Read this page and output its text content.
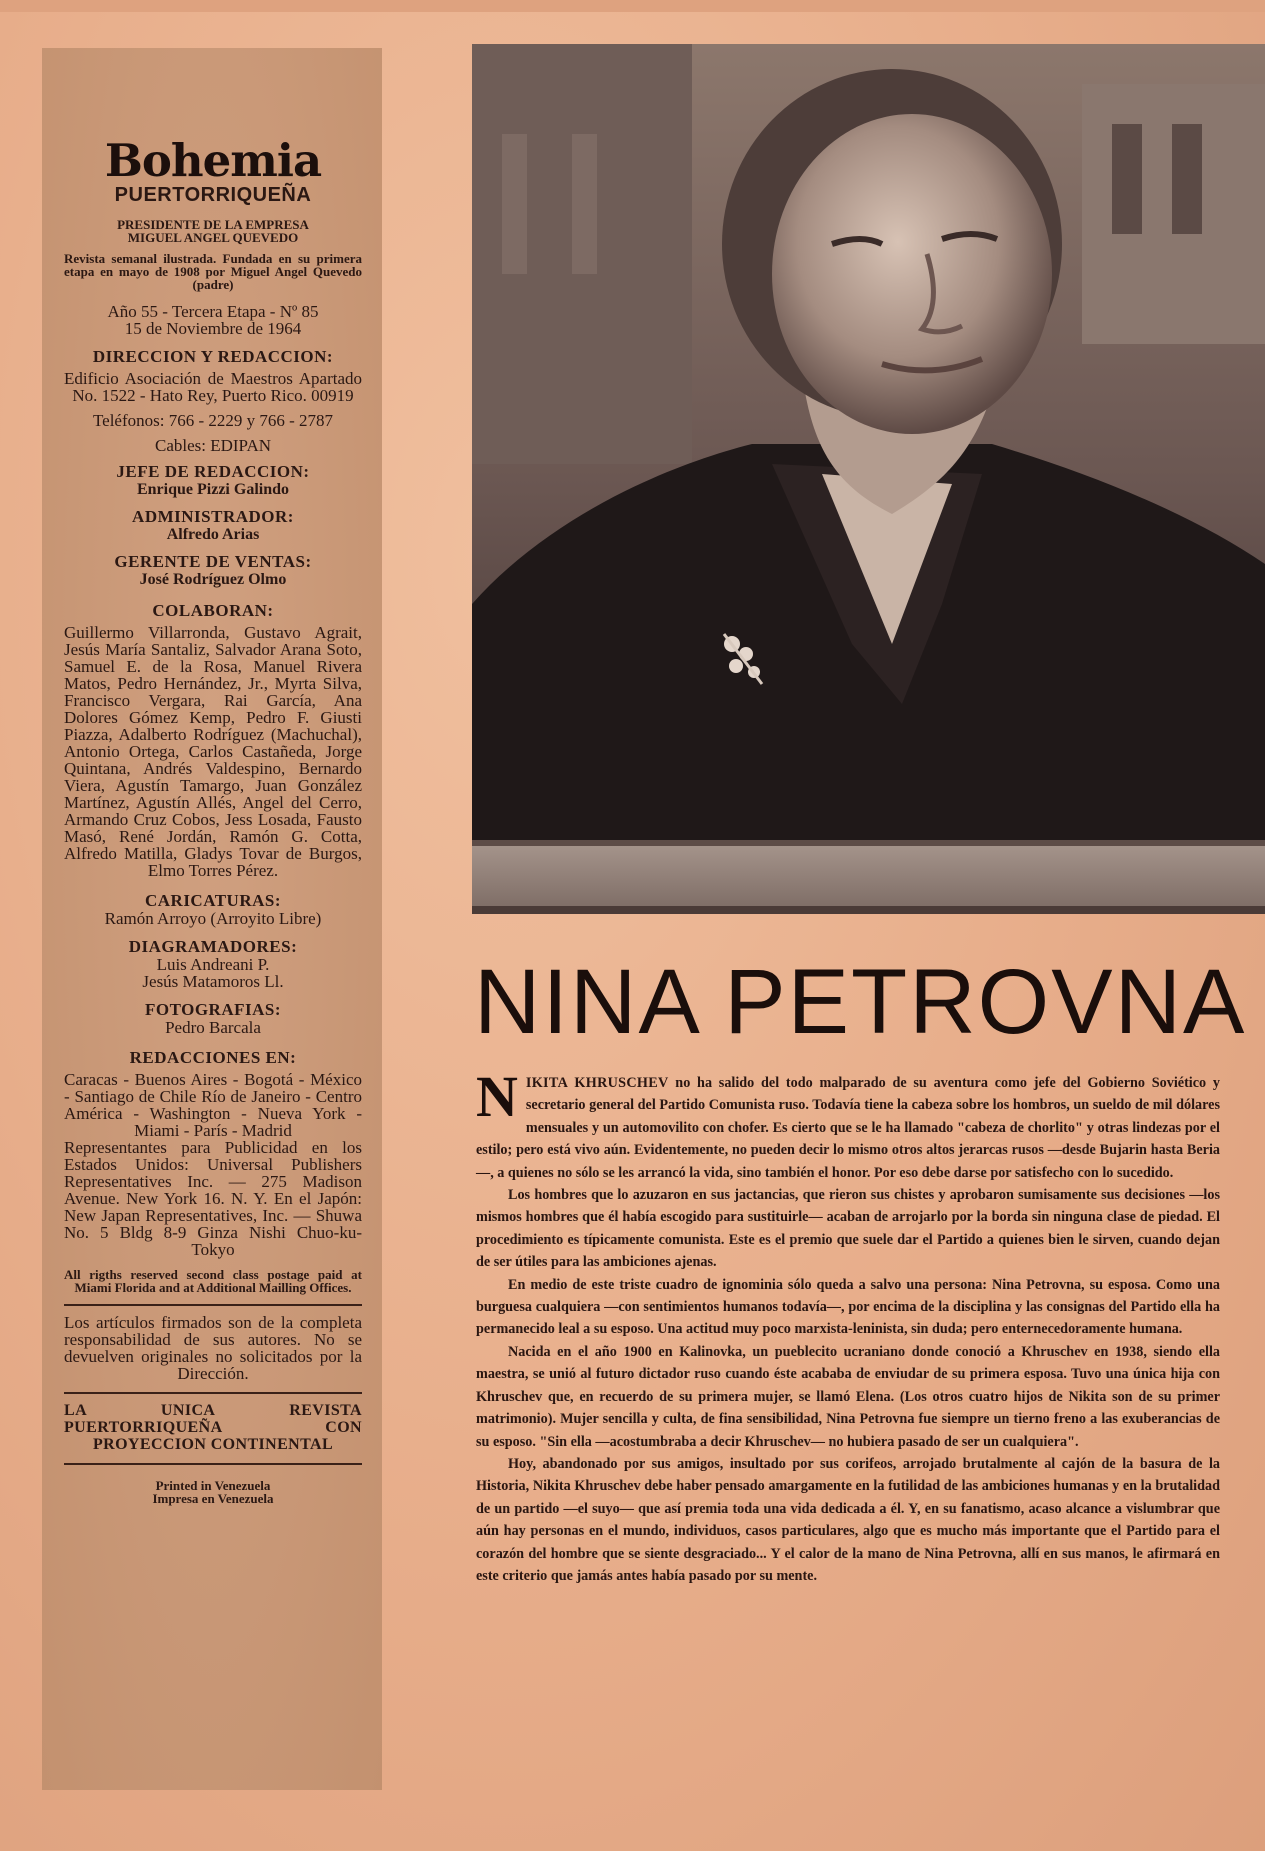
Bohemia
PUERTORRIQUEÑA
PRESIDENTE DE LA EMPRESA
MIGUEL ANGEL QUEVEDO
Revista semanal ilustrada. Fundada en su primera etapa en mayo de 1908 por Miguel Angel Quevedo (padre)
Año 55 - Tercera Etapa - Nº 85
15 de Noviembre de 1964
DIRECCION Y REDACCION:
Edificio Asociación de Maestros Apartado No. 1522 - Hato Rey, Puerto Rico. 00919
Teléfonos: 766 - 2229 y 766 - 2787
Cables: EDIPAN
JEFE DE REDACCION:
Enrique Pizzi Galindo
ADMINISTRADOR:
Alfredo Arias
GERENTE DE VENTAS:
José Rodríguez Olmo
COLABORAN:
Guillermo Villarronda, Gustavo Agrait, Jesús María Santaliz, Salvador Arana Soto, Samuel E. de la Rosa, Manuel Rivera Matos, Pedro Hernández, Jr., Myrta Silva, Francisco Vergara, Rai García, Ana Dolores Gómez Kemp, Pedro F. Giusti Piazza, Adalberto Rodríguez (Machuchal), Antonio Ortega, Carlos Castañeda, Jorge Quintana, Andrés Valdespino, Bernardo Viera, Agustín Tamargo, Juan González Martínez, Agustín Allés, Angel del Cerro, Armando Cruz Cobos, Jess Losada, Fausto Masó, René Jordán, Ramón G. Cotta, Alfredo Matilla, Gladys Tovar de Burgos, Elmo Torres Pérez.
CARICATURAS:
Ramón Arroyo (Arroyito Libre)
DIAGRAMADORES:
Luis Andreani P.
Jesús Matamoros Ll.
FOTOGRAFIAS:
Pedro Barcala
REDACCIONES EN:
Caracas - Buenos Aires - Bogotá - México - Santiago de Chile Río de Janeiro - Centro América - Washington - Nueva York - Miami - París - Madrid
Representantes para Publicidad en los Estados Unidos: Universal Publishers Representatives Inc. — 275 Madison Avenue. New York 16. N. Y. En el Japón: New Japan Representatives, Inc. — Shuwa No. 5 Bldg 8-9 Ginza Nishi Chuo-ku-Tokyo
All rigths reserved second class postage paid at Miami Florida and at Additional Mailling Offices.
Los artículos firmados son de la completa responsabilidad de sus autores. No se devuelven originales no solicitados por la Dirección.
LA UNICA REVISTA PUERTORRIQUEÑA CON PROYECCION CONTINENTAL
Printed in Venezuela
Impresa en Venezuela
NINA PETROVNA

NIKITA KHRUSCHEV no ha salido del todo malparado de su aventura como jefe del Gobierno Soviético y secretario general del Partido Comunista ruso. Todavía tiene la cabeza sobre los hombros, un sueldo de mil dólares mensuales y un automovilito con chofer. Es cierto que se le ha llamado "cabeza de chorlito" y otras lindezas por el estilo; pero está vivo aún. Evidentemente, no pueden decir lo mismo otros altos jerarcas rusos —desde Bujarin hasta Beria—, a quienes no sólo se les arrancó la vida, sino también el honor. Por eso debe darse por satisfecho con lo sucedido.

Los hombres que lo azuzaron en sus jactancias, que rieron sus chistes y aprobaron sumisamente sus decisiones —los mismos hombres que él había escogido para sustituirle— acaban de arrojarlo por la borda sin ninguna clase de piedad. El procedimiento es típicamente comunista. Este es el premio que suele dar el Partido a quienes bien le sirven, cuando dejan de ser útiles para las ambiciones ajenas.

En medio de este triste cuadro de ignominia sólo queda a salvo una persona: Nina Petrovna, su esposa. Como una burguesa cualquiera —con sentimientos humanos todavía—, por encima de la disciplina y las consignas del Partido ella ha permanecido leal a su esposo. Una actitud muy poco marxista-leninista, sin duda; pero enternecedoramente humana.

Nacida en el año 1900 en Kalinovka, un pueblecito ucraniano donde conoció a Khruschev en 1938, siendo ella maestra, se unió al futuro dictador ruso cuando éste acababa de enviudar de su primera esposa. Tuvo una única hija con Khruschev que, en recuerdo de su primera mujer, se llamó Elena. (Los otros cuatro hijos de Nikita son de su primer matrimonio). Mujer sencilla y culta, de fina sensibilidad, Nina Petrovna fue siempre un tierno freno a las exuberancias de su esposo. "Sin ella —acostumbraba a decir Khruschev— no hubiera pasado de ser un cualquiera".

Hoy, abandonado por sus amigos, insultado por sus corifeos, arrojado brutalmente al cajón de la basura de la Historia, Nikita Khruschev debe haber pensado amargamente en la futilidad de las ambiciones humanas y en la brutalidad de un partido —el suyo— que así premia toda una vida dedicada a él. Y, en su fanatismo, acaso alcance a vislumbrar que aún hay personas en el mundo, individuos, casos particulares, algo que es mucho más importante que el Partido para el corazón del hombre que se siente desgraciado... Y el calor de la mano de Nina Petrovna, allí en sus manos, le afirmará en este criterio que jamás antes había pasado por su mente.
